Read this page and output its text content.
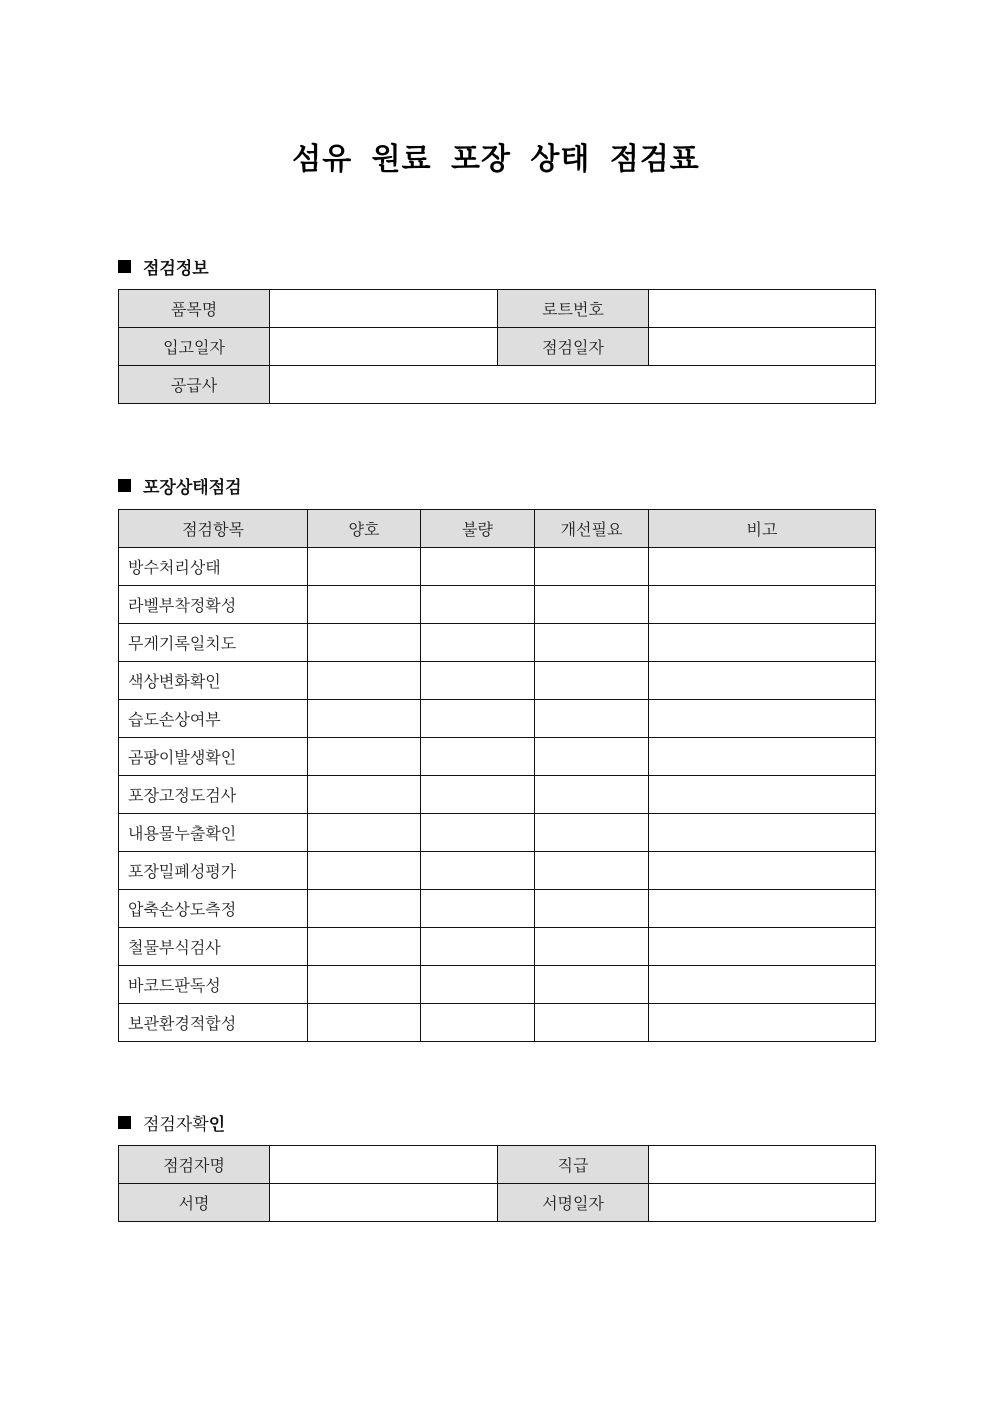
섬유 원료 포장 상태 점검표
점검정보
품목명		로트번호	
입고일자		점검일자	
공급사			
포장상태점검
점검항목	양호	불량	개선필요	비고
방수처리상태				
라벨부착정확성				
무게기록일치도				
색상변화확인				
습도손상여부				
곰팡이발생확인				
포장고정도검사				
내용물누출확인				
포장밀폐성평가				
압축손상도측정				
철물부식검사				
바코드판독성				
보관환경적합성				
점검자확 인
점검자명		직급	
서명		서명일자	
